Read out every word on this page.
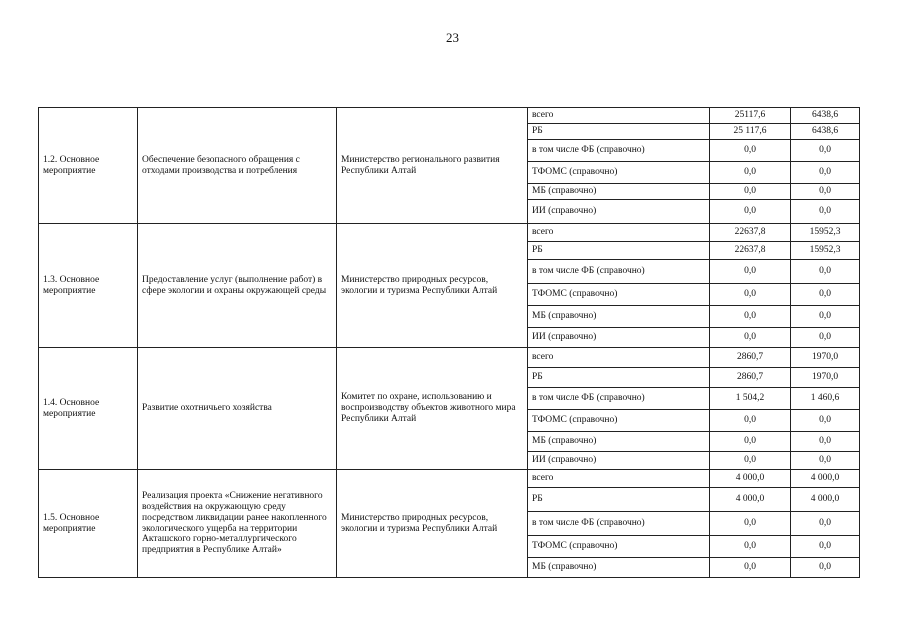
23
1.2. Основное мероприятие	Обеспечение безопасного обращения с отходами производства и потребления	Министерство регионального развития Республики Алтай	всего	25117,6	6438,6
			РБ	25 117,6	6438,6
			в том числе ФБ (справочно)	0,0	0,0
			ТФОМС (справочно)	0,0	0,0
			МБ (справочно)	0,0	0,0
			ИИ (справочно)	0,0	0,0
1.3. Основное мероприятие	Предоставление услуг (выполнение работ) в сфере экологии и охраны окружающей среды	Министерство природных ресурсов, экологии и туризма Республики Алтай	всего	22637,8	15952,3
			РБ	22637,8	15952,3
			в том числе ФБ (справочно)	0,0	0,0
			ТФОМС (справочно)	0,0	0,0
			МБ (справочно)	0,0	0,0
			ИИ (справочно)	0,0	0,0
1.4. Основное мероприятие	Развитие охотничьего хозяйства	Комитет по охране, использованию и воспроизводству объектов животного мира Республики Алтай	всего	2860,7	1970,0
			РБ	2860,7	1970,0
			в том числе ФБ (справочно)	1 504,2	1 460,6
			ТФОМС (справочно)	0,0	0,0
			МБ (справочно)	0,0	0,0
			ИИ (справочно)	0,0	0,0
1.5. Основное мероприятие	Реализация проекта «Снижение негативного воздействия на окружающую среду посредством ликвидации ранее накопленного экологического ущерба на территории Акташского горно-металлургического предприятия в Республике Алтай»	Министерство природных ресурсов, экологии и туризма Республики Алтай	всего	4 000,0	4 000,0
			РБ	4 000,0	4 000,0
			в том числе ФБ (справочно)	0,0	0,0
			ТФОМС (справочно)	0,0	0,0
			МБ (справочно)	0,0	0,0
